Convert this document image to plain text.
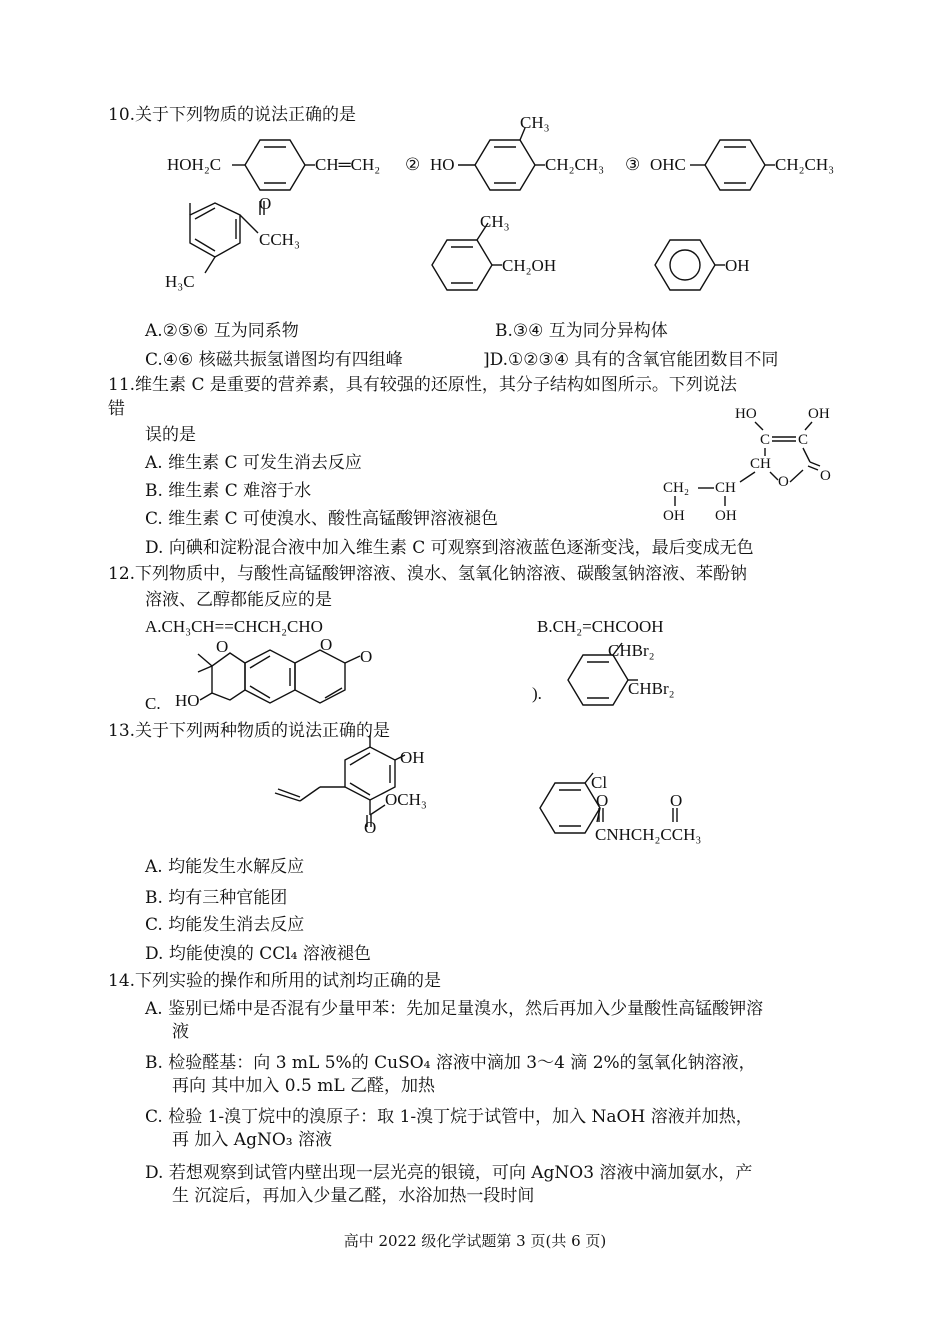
10.关于下列物质的说法正确的是
HOH₂C	CH═CH₂ ② HO
CH₃
CH₂CH₃ ③ OHC	CH₂CH₃
O
CCH₃
H₃C
CH₃
CH₂OH	OH
A.②⑤⑥ 互为同系物	B.③④ 互为同分异构体
C.④⑥ 核磁共振氢谱图均有四组峰	]D.①②③④ 具有的含氧官能团数目不同
11.维生素 C 是重要的营养素，具有较强的还原性，其分子结构如图所示。下列说法
错
误的是
A. 维生素 C 可发生消去反应
B. 维生素 C 难溶于水
C. 维生素 C 可使溴水、酸性高锰酸钾溶液褪色
D. 向碘和淀粉混合液中加入维生素 C 可观察到溶液蓝色逐渐变浅，最后变成无色
HO	OH
C C
CH
O
O
CH
CH₂
OH OH
12.下列物质中，与酸性高锰酸钾溶液、溴水、氢氧化钠溶液、碳酸氢钠溶液、苯酚钠
溶液、乙醇都能反应的是
A.CH₃CH==CHCH₂CHO	B.CH₂=CHCOOH
C. HO
O	O
O
).
CHBr₂
CHBr₂
13.关于下列两种物质的说法正确的是
OH
O
OCH₃
Cl
CNHCH₂CCH₃
O	O
A. 均能发生水解反应
B. 均有三种官能团
C. 均能发生消去反应
D. 均能使溴的 CCl₄ 溶液褪色
14.下列实验的操作和所用的试剂均正确的是
A. 鉴别已烯中是否混有少量甲苯：先加足量溴水，然后再加入少量酸性高锰酸钾溶
液
B. 检验醛基：向 3 mL 5%的 CuSO₄ 溶液中滴加 3～4 滴 2%的氢氧化钠溶液，
再向 其中加入 0.5 mL 乙醛，加热
C. 检验 1-溴丁烷中的溴原子：取 1-溴丁烷于试管中，加入 NaOH 溶液并加热，
再 加入 AgNO₃ 溶液
D. 若想观察到试管内壁出现一层光亮的银镜，可向 AgNO3 溶液中滴加氨水，产
生 沉淀后，再加入少量乙醛，水浴加热一段时间
高中 2022 级化学试题第 3 页(共 6 页)
